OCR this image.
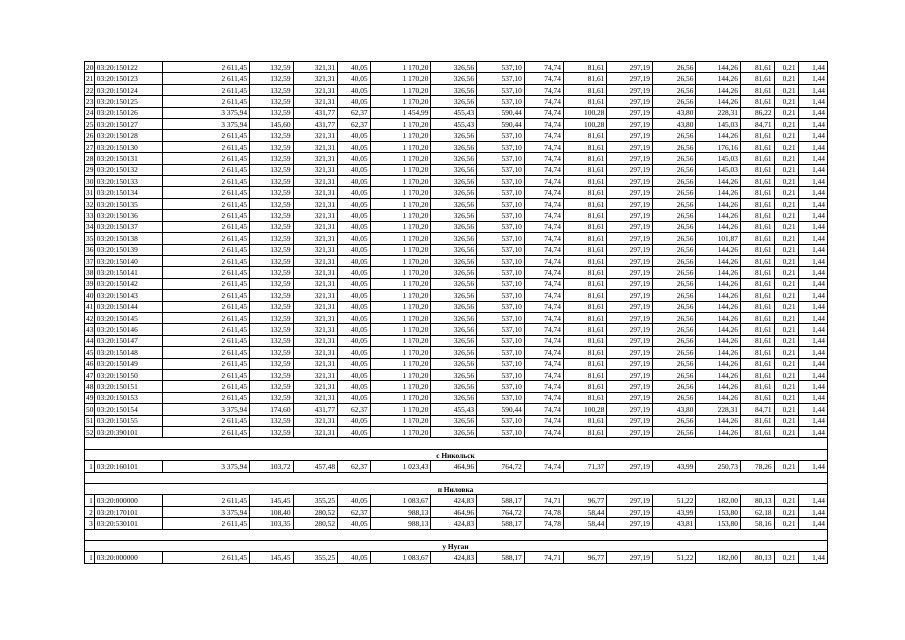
20	03:20:150122	2 611,45	132,59	321,31	40,05	1 170,20	326,56	537,10	74,74	81,61	297,19	26,56	144,26	81,61	0,21	1,44
21	03:20:150123	2 611,45	132,59	321,31	40,05	1 170,20	326,56	537,10	74,74	81,61	297,19	26,56	144,26	81,61	0,21	1,44
22	03:20:150124	2 611,45	132,59	321,31	40,05	1 170,20	326,56	537,10	74,74	81,61	297,19	26,56	144,26	81,61	0,21	1,44
23	03:20:150125	2 611,45	132,59	321,31	40,05	1 170,20	326,56	537,10	74,74	81,61	297,19	26,56	144,26	81,61	0,21	1,44
24	03:20:150126	3 375,94	132,59	431,77	62,37	1 454,99	455,43	590,44	74,74	100,28	297,19	43,80	228,31	86,22	0,21	1,44
25	03:20:150127	3 375,94	145,60	431,77	62,37	1 170,20	455,43	590,44	74,74	100,28	297,19	43,80	145,03	84,71	0,21	1,44
26	03:20:150128	2 611,45	132,59	321,31	40,05	1 170,20	326,56	537,10	74,74	81,61	297,19	26,56	144,26	81,61	0,21	1,44
27	03:20:150130	2 611,45	132,59	321,31	40,05	1 170,20	326,56	537,10	74,74	81,61	297,19	26,56	176,16	81,61	0,21	1,44
28	03:20:150131	2 611,45	132,59	321,31	40,05	1 170,20	326,56	537,10	74,74	81,61	297,19	26,56	145,03	81,61	0,21	1,44
29	03:20:150132	2 611,45	132,59	321,31	40,05	1 170,20	326,56	537,10	74,74	81,61	297,19	26,56	145,03	81,61	0,21	1,44
30	03:20:150133	2 611,45	132,59	321,31	40,05	1 170,20	326,56	537,10	74,74	81,61	297,19	26,56	144,26	81,61	0,21	1,44
31	03:20:150134	2 611,45	132,59	321,31	40,05	1 170,20	326,56	537,10	74,74	81,61	297,19	26,56	144,26	81,61	0,21	1,44
32	03:20:150135	2 611,45	132,59	321,31	40,05	1 170,20	326,56	537,10	74,74	81,61	297,19	26,56	144,26	81,61	0,21	1,44
33	03:20:150136	2 611,45	132,59	321,31	40,05	1 170,20	326,56	537,10	74,74	81,61	297,19	26,56	144,26	81,61	0,21	1,44
34	03:20:150137	2 611,45	132,59	321,31	40,05	1 170,20	326,56	537,10	74,74	81,61	297,19	26,56	144,26	81,61	0,21	1,44
35	03:20:150138	2 611,45	132,59	321,31	40,05	1 170,20	326,56	537,10	74,74	81,61	297,19	26,56	101,87	81,61	0,21	1,44
36	03:20:150139	2 611,45	132,59	321,31	40,05	1 170,20	326,56	537,10	74,74	81,61	297,19	26,56	144,26	81,61	0,21	1,44
37	03:20:150140	2 611,45	132,59	321,31	40,05	1 170,20	326,56	537,10	74,74	81,61	297,19	26,56	144,26	81,61	0,21	1,44
38	03:20:150141	2 611,45	132,59	321,31	40,05	1 170,20	326,56	537,10	74,74	81,61	297,19	26,56	144,26	81,61	0,21	1,44
39	03:20:150142	2 611,45	132,59	321,31	40,05	1 170,20	326,56	537,10	74,74	81,61	297,19	26,56	144,26	81,61	0,21	1,44
40	03:20:150143	2 611,45	132,59	321,31	40,05	1 170,20	326,56	537,10	74,74	81,61	297,19	26,56	144,26	81,61	0,21	1,44
41	03:20:150144	2 611,45	132,59	321,31	40,05	1 170,20	326,56	537,10	74,74	81,61	297,19	26,56	144,26	81,61	0,21	1,44
42	03:20:150145	2 611,45	132,59	321,31	40,05	1 170,20	326,56	537,10	74,74	81,61	297,19	26,56	144,26	81,61	0,21	1,44
43	03:20:150146	2 611,45	132,59	321,31	40,05	1 170,20	326,56	537,10	74,74	81,61	297,19	26,56	144,26	81,61	0,21	1,44
44	03:20:150147	2 611,45	132,59	321,31	40,05	1 170,20	326,56	537,10	74,74	81,61	297,19	26,56	144,26	81,61	0,21	1,44
45	03:20:150148	2 611,45	132,59	321,31	40,05	1 170,20	326,56	537,10	74,74	81,61	297,19	26,56	144,26	81,61	0,21	1,44
46	03:20:150149	2 611,45	132,59	321,31	40,05	1 170,20	326,56	537,10	74,74	81,61	297,19	26,56	144,26	81,61	0,21	1,44
47	03:20:150150	2 611,45	132,59	321,31	40,05	1 170,20	326,56	537,10	74,74	81,61	297,19	26,56	144,26	81,61	0,21	1,44
48	03:20:150151	2 611,45	132,59	321,31	40,05	1 170,20	326,56	537,10	74,74	81,61	297,19	26,56	144,26	81,61	0,21	1,44
49	03:20:150153	2 611,45	132,59	321,31	40,05	1 170,20	326,56	537,10	74,74	81,61	297,19	26,56	144,26	81,61	0,21	1,44
50	03:20:150154	3 375,94	174,60	431,77	62,37	1 170,20	455,43	590,44	74,74	100,28	297,19	43,80	228,31	84,71	0,21	1,44
51	03:20:150155	2 611,45	132,59	321,31	40,05	1 170,20	326,56	537,10	74,74	81,61	297,19	26,56	144,26	81,61	0,21	1,44
52	03:20:390101	2 611,45	132,59	321,31	40,05	1 170,20	326,56	537,10	74,74	81,61	297,19	26,56	144,26	81,61	0,21	1,44

с Никольск																
1	03:20:160101	3 375,94	103,72	457,48	62,37	1 023,43	464,96	764,72	74,74	71,37	297,19	43,99	250,73	78,26	0,21	1,44

п Ниловка																
1	03:20:000000	2 611,45	145,45	355,25	40,05	1 083,67	424,83	588,17	74,71	96,77	297,19	51,22	182,00	80,13	0,21	1,44
2	03:20:170101	3 375,94	108,40	280,52	62,37	988,13	464,96	764,72	74,78	58,44	297,19	43,99	153,80	62,18	0,21	1,44
3	03:20:530101	2 611,45	103,35	280,52	40,05	988,13	424,83	588,17	74,78	58,44	297,19	43,81	153,80	58,16	0,21	1,44

у Нугаи																
1	03:20:000000	2 611,45	145,45	355,25	40,05	1 083,67	424,83	588,17	74,71	96,77	297,19	51,22	182,00	80,13	0,21	1,44
